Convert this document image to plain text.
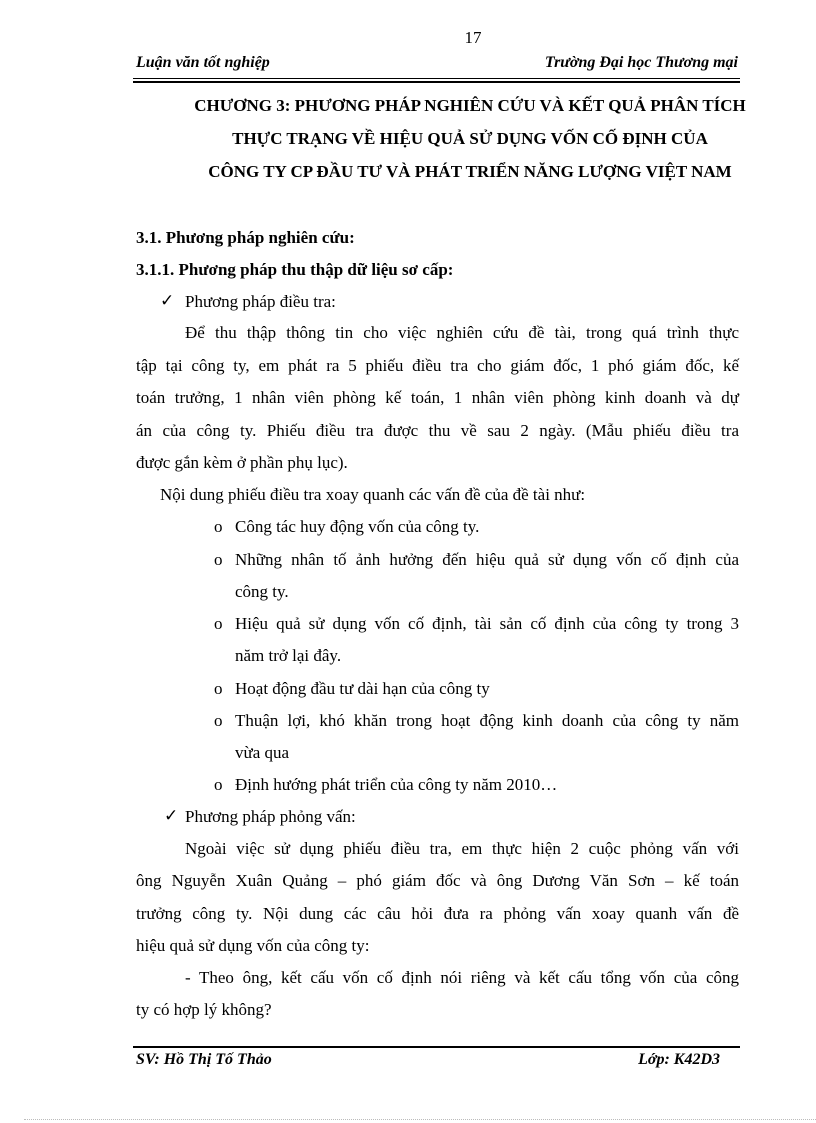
17
Luận văn tốt nghiệp	Trường Đại học Thương mại
CHƯƠNG 3: PHƯƠNG PHÁP NGHIÊN CỨU VÀ KẾT QUẢ PHÂN TÍCH
THỰC TRẠNG VỀ HIỆU QUẢ SỬ DỤNG VỐN CỐ ĐỊNH CỦA
CÔNG TY CP ĐẦU TƯ VÀ PHÁT TRIỂN NĂNG LƯỢNG VIỆT NAM
3.1. Phương pháp nghiên cứu:
3.1.1. Phương pháp thu thập dữ liệu sơ cấp:
✓ Phương pháp điều tra:
Để thu thập thông tin cho việc nghiên cứu đề tài, trong quá trình thực
tập tại công ty, em phát ra 5 phiếu điều tra cho giám đốc, 1 phó giám đốc, kế
toán trưởng, 1 nhân viên phòng kế toán, 1 nhân viên phòng kinh doanh và dự
án của công ty. Phiếu điều tra được thu về sau 2 ngày. (Mẫu phiếu điều tra
được gắn kèm ở phần phụ lục).
Nội dung phiếu điều tra xoay quanh các vấn đề của đề tài như:
o Công tác huy động vốn của công ty.
o Những nhân tố ảnh hưởng đến hiệu quả sử dụng vốn cố định của
công ty.
o Hiệu quả sử dụng vốn cố định, tài sản cố định của công ty trong 3
năm trở lại đây.
o Hoạt động đầu tư dài hạn của công ty
o Thuận lợi, khó khăn trong hoạt động kinh doanh của công ty năm
vừa qua
o Định hướng phát triển của công ty năm 2010…
✓ Phương pháp phỏng vấn:
Ngoài việc sử dụng phiếu điều tra, em thực hiện 2 cuộc phỏng vấn với
ông Nguyễn Xuân Quảng – phó giám đốc và ông Dương Văn Sơn – kế toán
trưởng công ty. Nội dung các câu hỏi đưa ra phỏng vấn xoay quanh vấn đề
hiệu quả sử dụng vốn của công ty:
- Theo ông, kết cấu vốn cố định nói riêng và kết cấu tổng vốn của công
ty có hợp lý không?
SV: Hồ Thị Tố Thảo	Lớp: K42D3
